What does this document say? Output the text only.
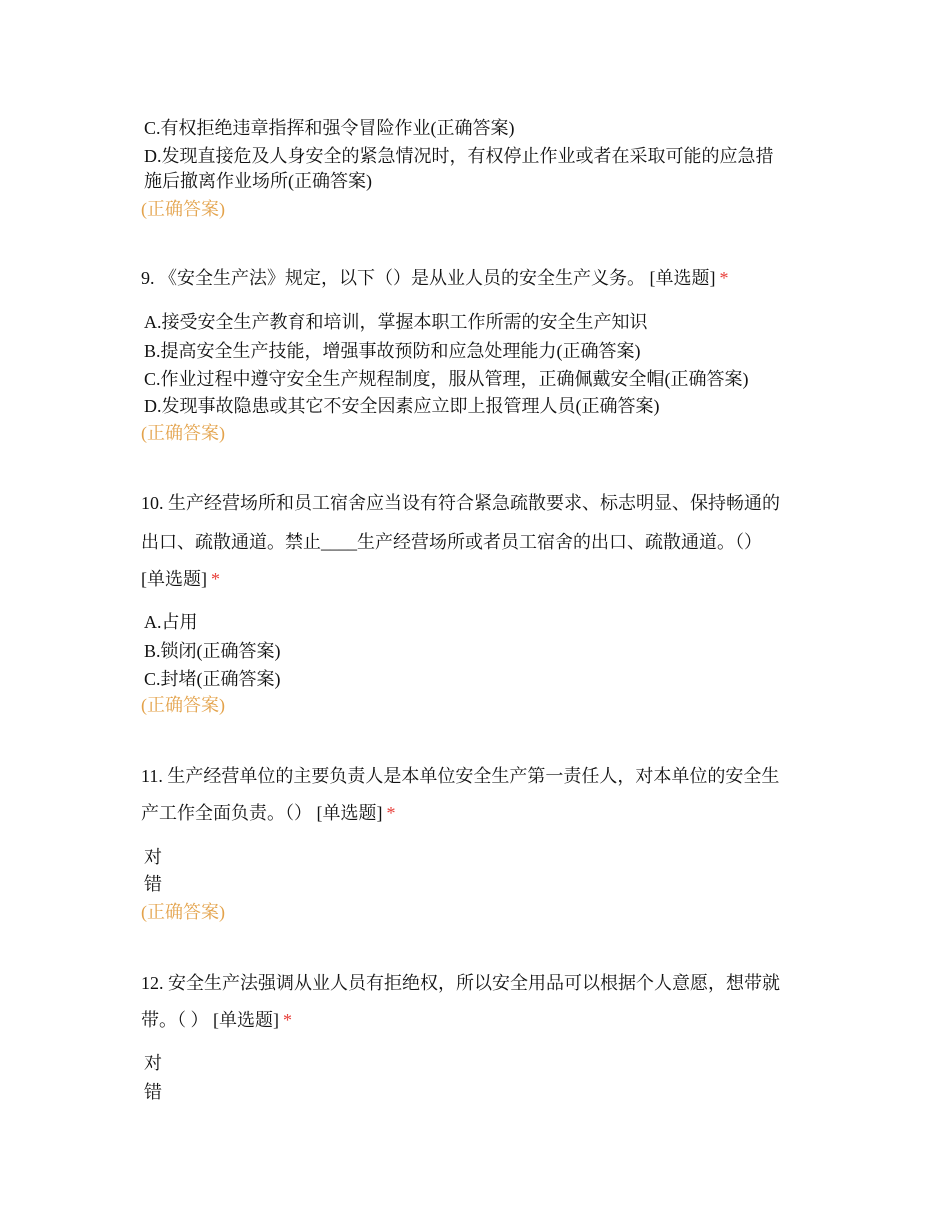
C.有权拒绝违章指挥和强令冒险作业(正确答案)
D.发现直接危及人身安全的紧急情况时，有权停止作业或者在采取可能的应急措
施后撤离作业场所(正确答案)
(正确答案)
9. 《安全生产法》规定，以下（）是从业人员的安全生产义务。 [单选题] *
A.接受安全生产教育和培训，掌握本职工作所需的安全生产知识
B.提高安全生产技能，增强事故预防和应急处理能力(正确答案)
C.作业过程中遵守安全生产规程制度，服从管理，正确佩戴安全帽(正确答案)
D.发现事故隐患或其它不安全因素应立即上报管理人员(正确答案)
(正确答案)
10. 生产经营场所和员工宿舍应当设有符合紧急疏散要求、标志明显、保持畅通的
出口、疏散通道。禁止____生产经营场所或者员工宿舍的出口、疏散通道。（）
[单选题] *
A.占用
B.锁闭(正确答案)
C.封堵(正确答案)
(正确答案)
11. 生产经营单位的主要负责人是本单位安全生产第一责任人，对本单位的安全生
产工作全面负责。（） [单选题] *
对
错
(正确答案)
12. 安全生产法强调从业人员有拒绝权，所以安全用品可以根据个人意愿，想带就
带。（ ） [单选题] *
对
错
